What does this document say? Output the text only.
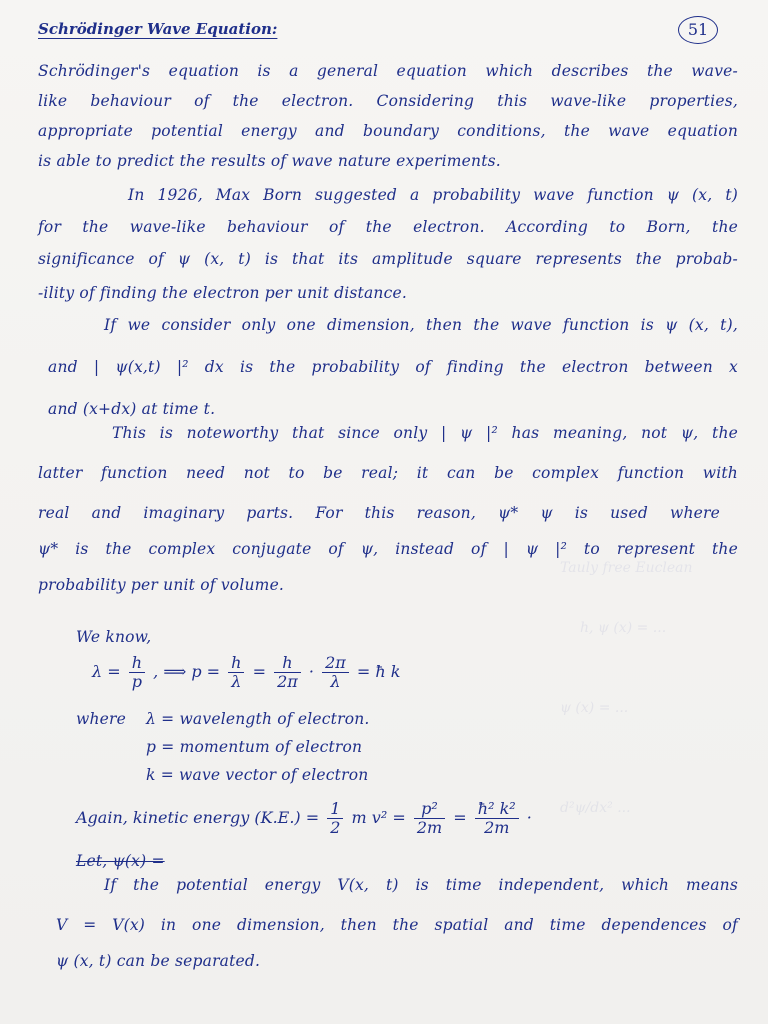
Tauly free Euclean
h, ψ (x) = ...
ψ (x) = ...
d²ψ/dx² ...
Schrödinger Wave Equation:	51
Schrödinger's equation is a general equation which describes the wave-
like behaviour of the electron. Considering this wave-like properties,
appropriate potential energy and boundary conditions, the wave equation
is able to predict the results of wave nature experiments.
In 1926, Max Born suggested a probability wave function ψ (x, t)
for the wave-like behaviour of the electron. According to Born, the
significance of ψ (x, t) is that its amplitude square represents the probab-
-ility of finding the electron per unit distance.
If we consider only one dimension, then the wave function is ψ (x, t),
and | ψ(x,t) |² dx is the probability of finding the electron between x
and (x+dx) at time t.
This is noteworthy that since only | ψ |² has meaning, not ψ, the
latter function need not to be real; it can be complex function with
real and imaginary parts. For this reason, ψ* ψ is used where
ψ* is the complex conjugate of ψ, instead of | ψ |² to represent the
probability per unit of volume.
We know,
$\lambda = \frac{h}{p}$ , ⟹ $p = \frac{h}{\lambda} = \frac{h}{2\pi} \cdot \frac{2\pi}{\lambda}$ = ħ k
where	λ = wavelength of electron.
p = momentum of electron
k = wave vector of electron
Again, kinetic energy $(K.E.) = \frac{1}{2}$ m $v^2 = \frac{\text{p²}}{2m} = \frac{\text{ħ² k²}}{2m}$ ·
Let, ψ(x) =
If the potential energy V(x, t) is time independent, which means
V = V(x) in one dimension, then the spatial and time dependences of
ψ (x, t) can be separated.
